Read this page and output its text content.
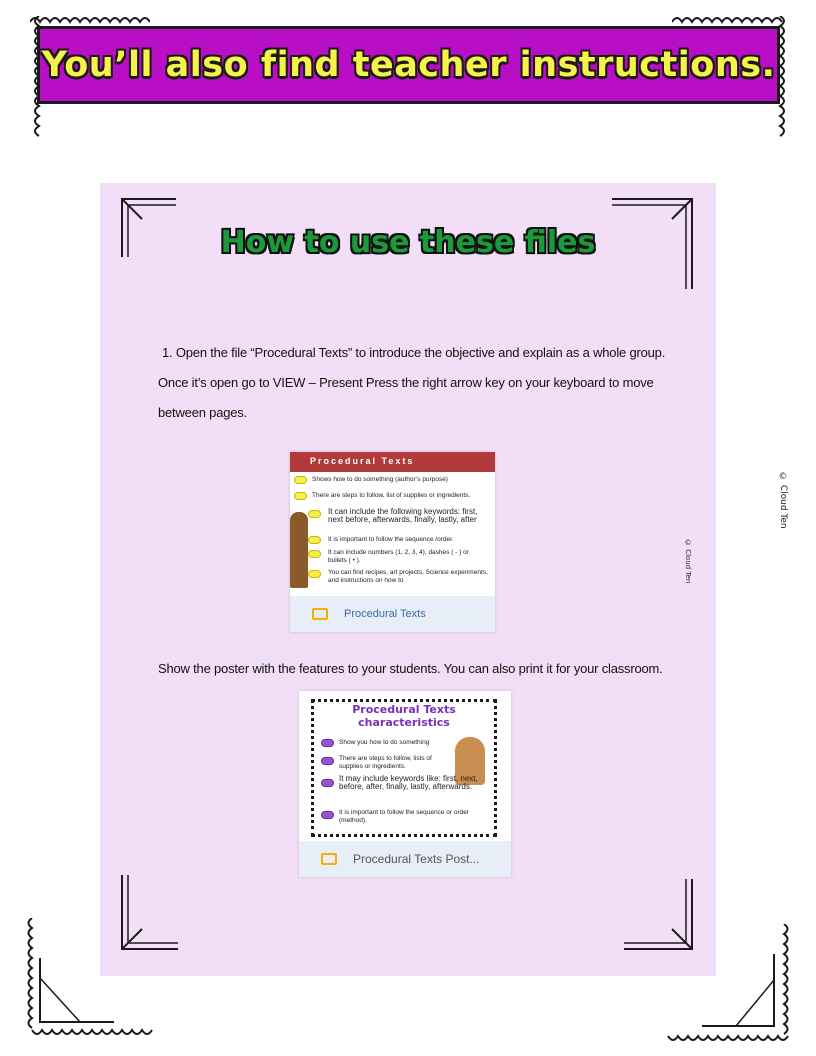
You’ll also find teacher instructions.
How to use these files

1. Open the file “Procedural Texts” to introduce the objective and explain as a whole group. Once it’s open go to VIEW – Present Press the right arrow key on your keyboard to move between pages.

Procedural Texts
Shows how to do something (author’s purpose)
There are steps to follow, list of supplies or ingredients.
It can include the following keywords: first, next before, afterwards, finally, lastly, after
It is important to follow the sequence /order.
It can include numbers (1, 2, 3, 4), dashes ( - ) or bullets ( • ).
You can find recipes, art projects, Science experiments, and instructions on how to
Procedural Texts

Show the poster with the features to your students. You can also print it for your classroom.

Procedural Texts characteristics
Show you how to do something
There are steps to follow, lists of supplies or ingredients.
It may include keywords like: first, next, before, after, finally, lastly, afterwards.
It is important to follow the sequence or order (method).
Procedural Texts Post...
© Cloud Ten
© Cloud Ten
